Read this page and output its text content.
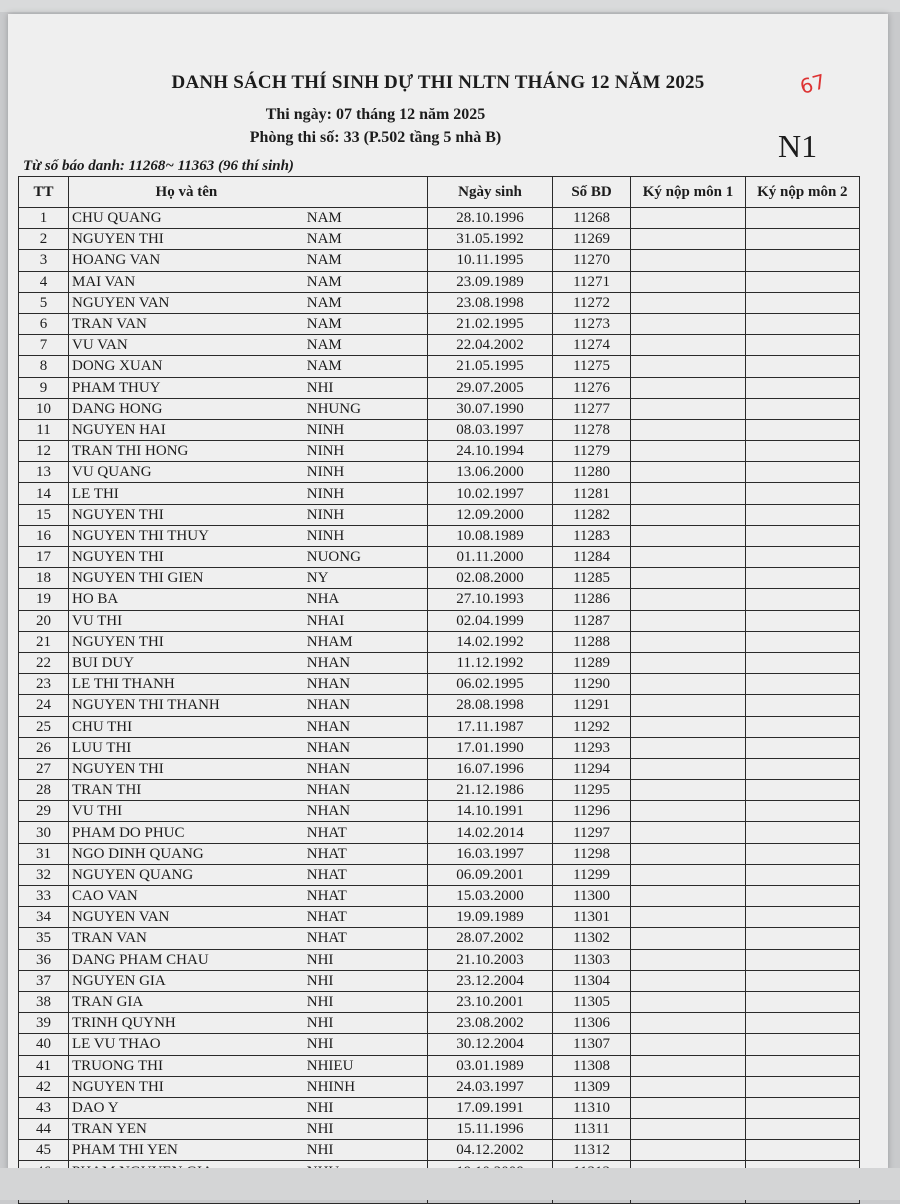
DANH SÁCH THÍ SINH DỰ THI NLTN THÁNG 12 NĂM 2025
Thi ngày: 07 tháng 12 năm 2025
Phòng thi số: 33 (P.502 tầng 5 nhà B)
67
N1
Từ số báo danh: 11268~ 11363 (96 thí sinh)
TT	Họ và tên		Ngày sinh	Số BD	Ký nộp môn 1	Ký nộp môn 2
1	CHU QUANG	NAM	28.10.1996	11268		
2	NGUYEN THI	NAM	31.05.1992	11269		
3	HOANG VAN	NAM	10.11.1995	11270		
4	MAI VAN	NAM	23.09.1989	11271		
5	NGUYEN VAN	NAM	23.08.1998	11272		
6	TRAN VAN	NAM	21.02.1995	11273		
7	VU VAN	NAM	22.04.2002	11274		
8	DONG XUAN	NAM	21.05.1995	11275		
9	PHAM THUY	NHI	29.07.2005	11276		
10	DANG HONG	NHUNG	30.07.1990	11277		
11	NGUYEN HAI	NINH	08.03.1997	11278		
12	TRAN THI HONG	NINH	24.10.1994	11279		
13	VU QUANG	NINH	13.06.2000	11280		
14	LE THI	NINH	10.02.1997	11281		
15	NGUYEN THI	NINH	12.09.2000	11282		
16	NGUYEN THI THUY	NINH	10.08.1989	11283		
17	NGUYEN THI	NUONG	01.11.2000	11284		
18	NGUYEN THI GIEN	NY	02.08.2000	11285		
19	HO BA	NHA	27.10.1993	11286		
20	VU THI	NHAI	02.04.1999	11287		
21	NGUYEN THI	NHAM	14.02.1992	11288		
22	BUI DUY	NHAN	11.12.1992	11289		
23	LE THI THANH	NHAN	06.02.1995	11290		
24	NGUYEN THI THANH	NHAN	28.08.1998	11291		
25	CHU THI	NHAN	17.11.1987	11292		
26	LUU THI	NHAN	17.01.1990	11293		
27	NGUYEN THI	NHAN	16.07.1996	11294		
28	TRAN THI	NHAN	21.12.1986	11295		
29	VU THI	NHAN	14.10.1991	11296		
30	PHAM DO PHUC	NHAT	14.02.2014	11297		
31	NGO DINH QUANG	NHAT	16.03.1997	11298		
32	NGUYEN QUANG	NHAT	06.09.2001	11299		
33	CAO VAN	NHAT	15.03.2000	11300		
34	NGUYEN VAN	NHAT	19.09.1989	11301		
35	TRAN VAN	NHAT	28.07.2002	11302		
36	DANG PHAM CHAU	NHI	21.10.2003	11303		
37	NGUYEN GIA	NHI	23.12.2004	11304		
38	TRAN GIA	NHI	23.10.2001	11305		
39	TRINH QUYNH	NHI	23.08.2002	11306		
40	LE VU THAO	NHI	30.12.2004	11307		
41	TRUONG THI	NHIEU	03.01.1989	11308		
42	NGUYEN THI	NHINH	24.03.1997	11309		
43	DAO Y	NHI	17.09.1991	11310		
44	TRAN YEN	NHI	15.11.1996	11311		
45	PHAM THI YEN	NHI	04.12.2002	11312		
